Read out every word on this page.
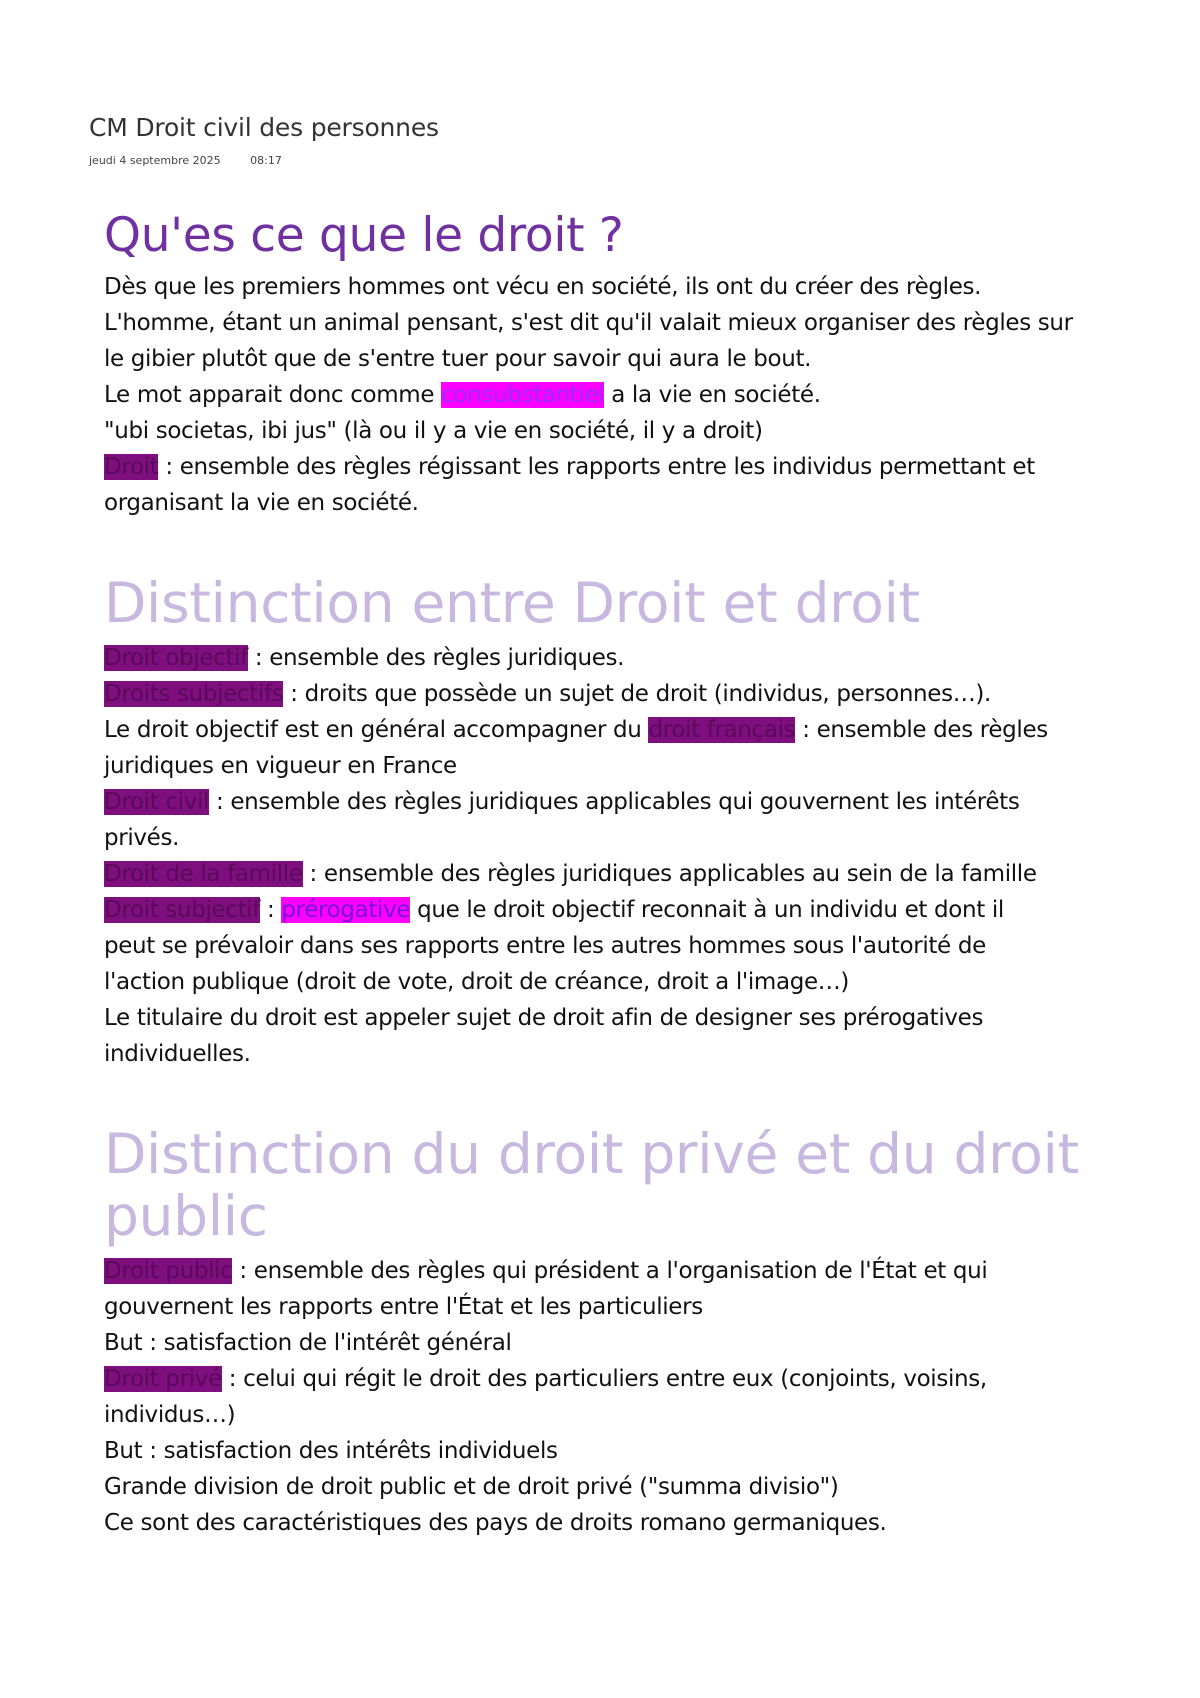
CM Droit civil des personnes
jeudi 4 septembre 2025	08:17
Qu'es ce que le droit ?

Dès que les premiers hommes ont vécu en société, ils ont du créer des règles.

L'homme, étant un animal pensant, s'est dit qu'il valait mieux organiser des règles sur

le gibier plutôt que de s'entre tuer pour savoir qui aura le bout.

Le mot apparait donc comme consubstantiel a la vie en société.

"ubi societas, ibi jus" (là ou il y a vie en société, il y a droit)

Droit : ensemble des règles régissant les rapports entre les individus permettant et

organisant la vie en société.

Distinction entre Droit et droit

Droit objectif : ensemble des règles juridiques.

Droits subjectifs : droits que possède un sujet de droit (individus, personnes…).

Le droit objectif est en général accompagner du droit français : ensemble des règles

juridiques en vigueur en France

Droit civil : ensemble des règles juridiques applicables qui gouvernent les intérêts

privés.

Droit de la famille : ensemble des règles juridiques applicables au sein de la famille

Droit subjectif : prérogative que le droit objectif reconnait à un individu et dont il

peut se prévaloir dans ses rapports entre les autres hommes sous l'autorité de

l'action publique (droit de vote, droit de créance, droit a l'image…)

Le titulaire du droit est appeler sujet de droit afin de designer ses prérogatives

individuelles.

Distinction du droit privé et du droit
public

Droit public : ensemble des règles qui président a l'organisation de l'État et qui

gouvernent les rapports entre l'État et les particuliers

But : satisfaction de l'intérêt général

Droit privé : celui qui régit le droit des particuliers entre eux (conjoints, voisins,

individus…)

But : satisfaction des intérêts individuels

Grande division de droit public et de droit privé ("summa divisio")

Ce sont des caractéristiques des pays de droits romano germaniques.
